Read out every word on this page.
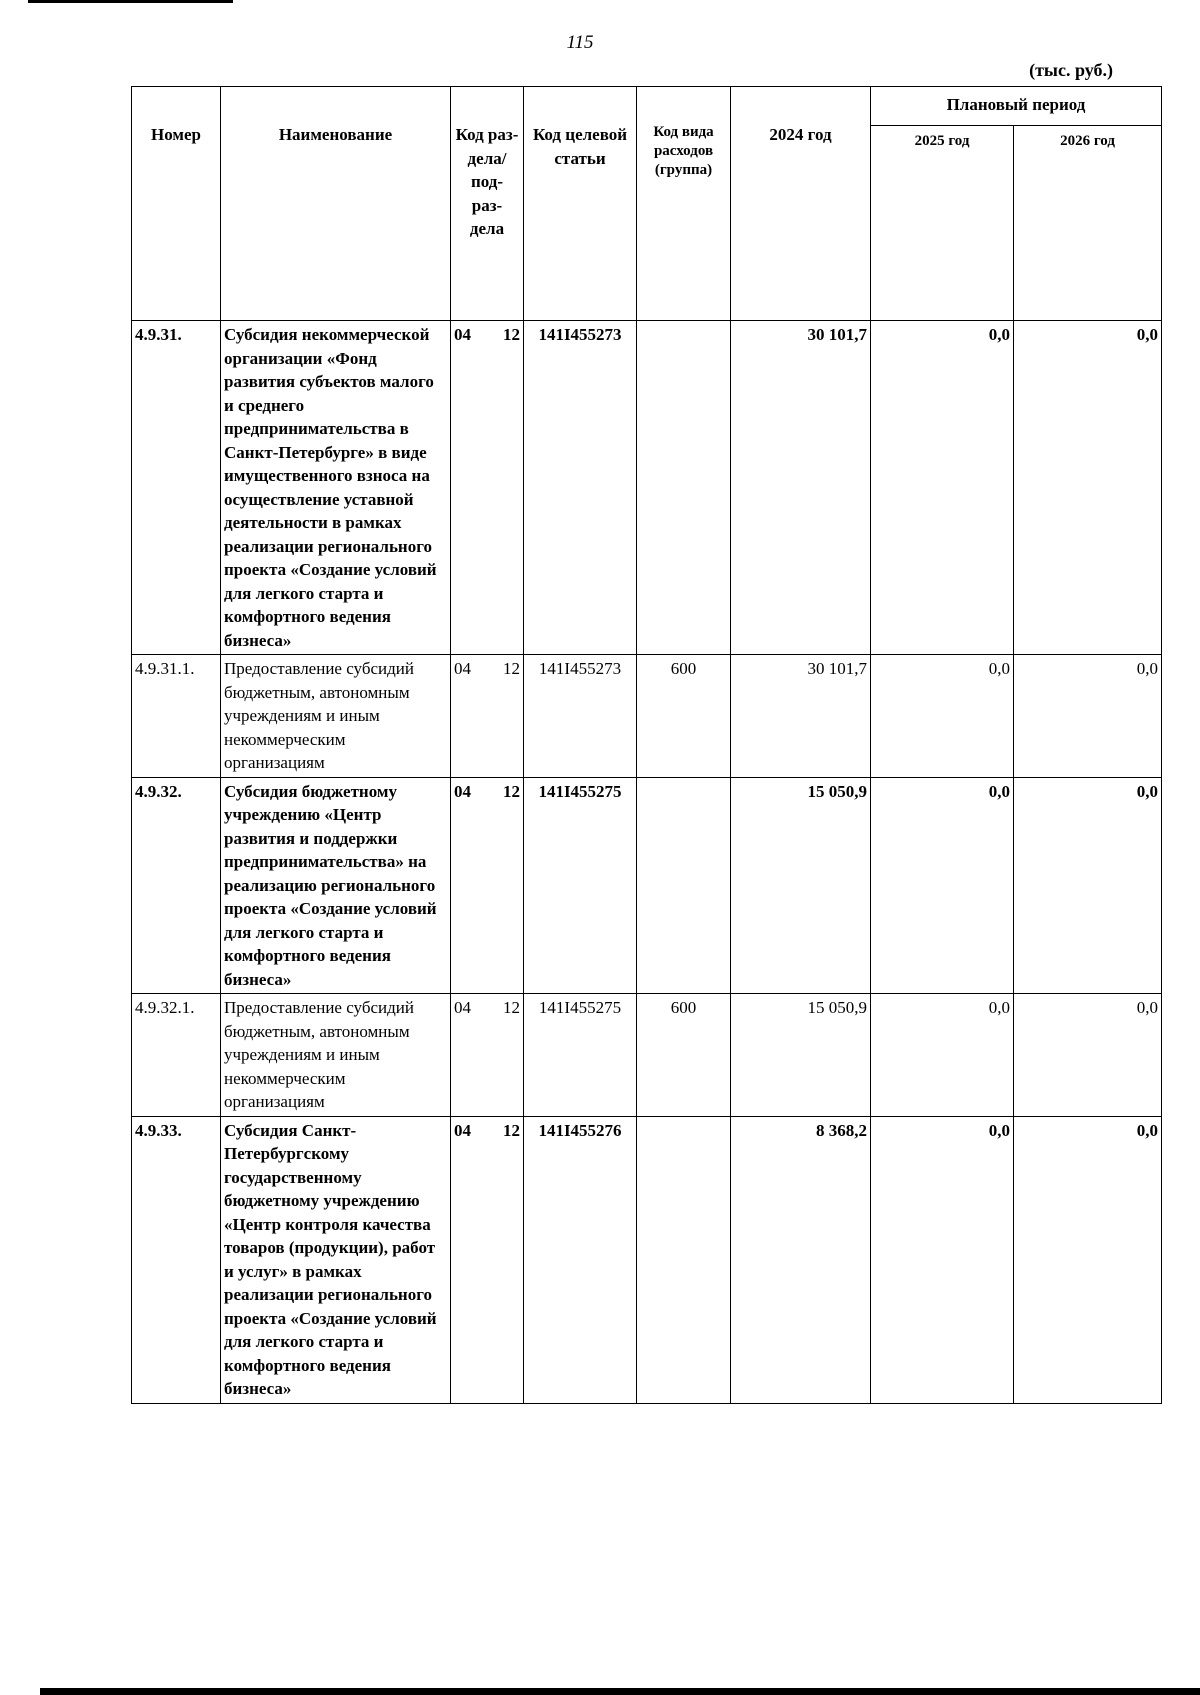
115
(тыс. руб.)
Номер	Наименование	Код раз- дела/ под- раз- дела	Код целевой статьи	Код вида расходов (группа)	2024 год	Плановый период	
						2025 год	2026 год
4.9.31.	Субсидия некоммерческой организации «Фонд развития субъектов малого и среднего предпринимательства в Санкт-Петербурге» в виде имущественного взноса на осуществление уставной деятельности в рамках реализации регионального проекта «Создание условий для легкого старта и комфортного ведения бизнеса»	04 12	141I455273		30 101,7	0,0	0,0
4.9.31.1.	Предоставление субсидий бюджетным, автономным учреждениям и иным некоммерческим организациям	04 12	141I455273	600	30 101,7	0,0	0,0
4.9.32.	Субсидия бюджетному учреждению «Центр развития и поддержки предпринимательства» на реализацию регионального проекта «Создание условий для легкого старта и комфортного ведения бизнеса»	04 12	141I455275		15 050,9	0,0	0,0
4.9.32.1.	Предоставление субсидий бюджетным, автономным учреждениям и иным некоммерческим организациям	04 12	141I455275	600	15 050,9	0,0	0,0
4.9.33.	Субсидия Санкт-Петербургскому государственному бюджетному учреждению «Центр контроля качества товаров (продукции), работ и услуг» в рамках реализации регионального проекта «Создание условий для легкого старта и комфортного ведения бизнеса»	04 12	141I455276		8 368,2	0,0	0,0
